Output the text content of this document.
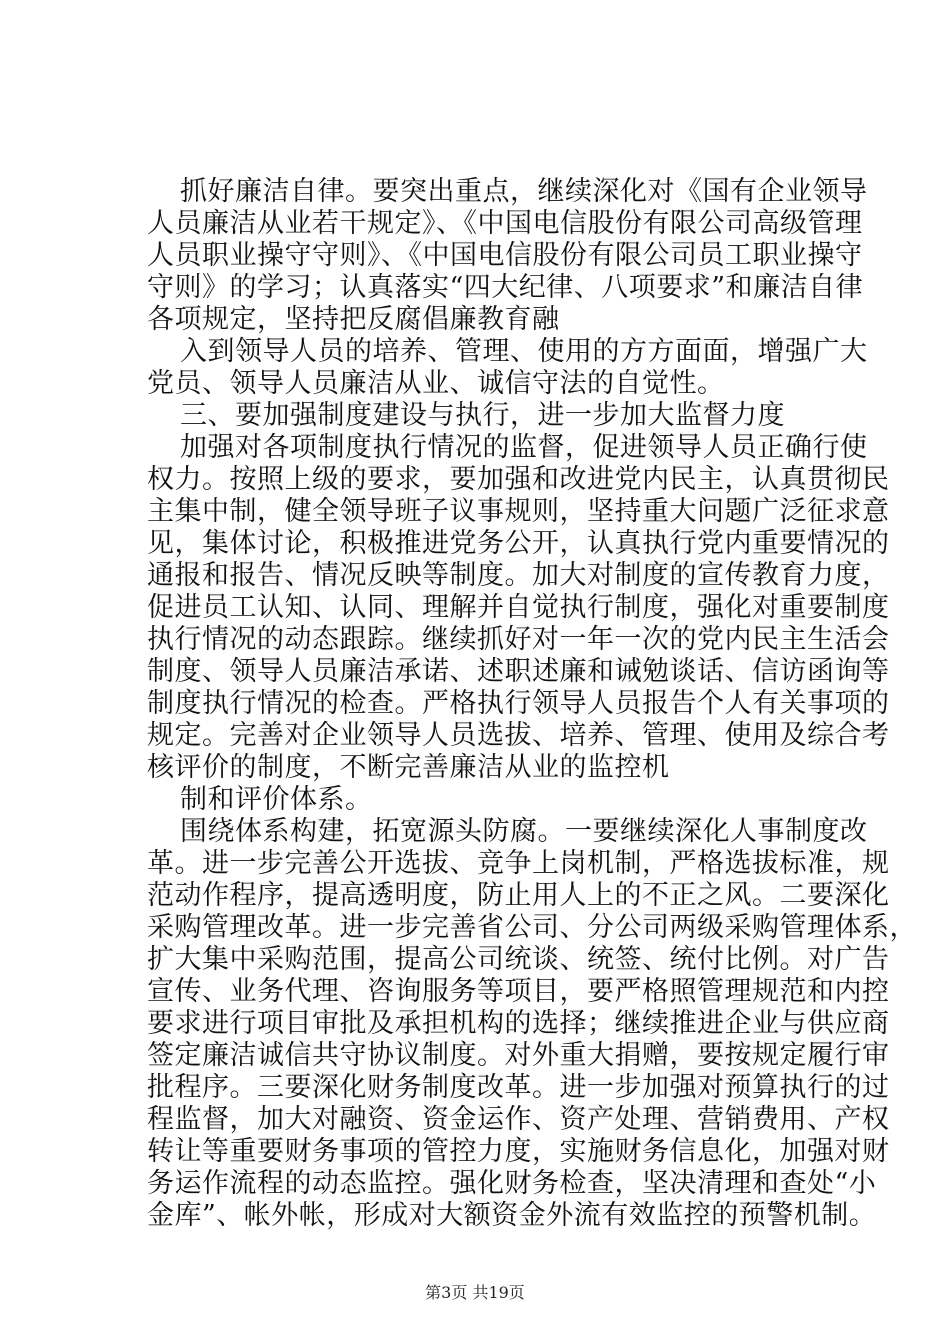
抓好廉洁自律。要突出重点，继续深化对《国有企业领导
人员廉洁从业若干规定》、《中国电信股份有限公司高级管理
人员职业操守守则》、《中国电信股份有限公司员工职业操守
守则》的学习；认真落实“四大纪律、八项要求”和廉洁自律
各项规定，坚持把反腐倡廉教育融
入到领导人员的培养、管理、使用的方方面面，增强广大
党员、领导人员廉洁从业、诚信守法的自觉性。
三、要加强制度建设与执行，进一步加大监督力度
加强对各项制度执行情况的监督，促进领导人员正确行使
权力。按照上级的要求，要加强和改进党内民主，认真贯彻民
主集中制，健全领导班子议事规则，坚持重大问题广泛征求意
见，集体讨论，积极推进党务公开，认真执行党内重要情况的
通报和报告、情况反映等制度。加大对制度的宣传教育力度，
促进员工认知、认同、理解并自觉执行制度，强化对重要制度
执行情况的动态跟踪。继续抓好对一年一次的党内民主生活会
制度、领导人员廉洁承诺、述职述廉和诫勉谈话、信访函询等
制度执行情况的检查。严格执行领导人员报告个人有关事项的
规定。完善对企业领导人员选拔、培养、管理、使用及综合考
核评价的制度，不断完善廉洁从业的监控机
制和评价体系。
围绕体系构建，拓宽源头防腐。一要继续深化人事制度改
革。进一步完善公开选拔、竞争上岗机制，严格选拔标准，规
范动作程序，提高透明度，防止用人上的不正之风。二要深化
采购管理改革。进一步完善省公司、分公司两级采购管理体系，
扩大集中采购范围，提高公司统谈、统签、统付比例。对广告
宣传、业务代理、咨询服务等项目，要严格照管理规范和内控
要求进行项目审批及承担机构的选择；继续推进企业与供应商
签定廉洁诚信共守协议制度。对外重大捐赠，要按规定履行审
批程序。三要深化财务制度改革。进一步加强对预算执行的过
程监督，加大对融资、资金运作、资产处理、营销费用、产权
转让等重要财务事项的管控力度，实施财务信息化，加强对财
务运作流程的动态监控。强化财务检查，坚决清理和查处“小
金库”、帐外帐，形成对大额资金外流有效监控的预警机制。
第3页 共19页
